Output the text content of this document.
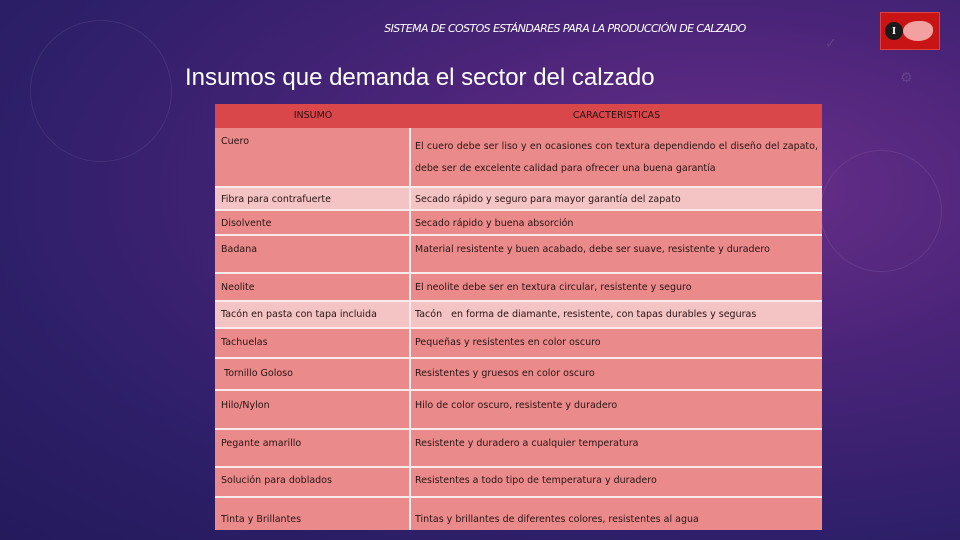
✓
⚙
SISTEMA DE COSTOS ESTÁNDARES PARA LA PRODUCCIÓN DE CALZADO	I
Insumos que demanda el sector del calzado
INSUMO	CARACTERISTICAS
Cuero	El cuero debe ser liso y en ocasiones con textura dependiendo el diseño del zapato, debe ser de excelente calidad para ofrecer una buena garantía
Fibra para contrafuerte	Secado rápido y seguro para mayor garantía del zapato
Disolvente	Secado rápido y buena absorción
Badana	Material resistente y buen acabado, debe ser suave, resistente y duradero
Neolite	El neolite debe ser en textura circular, resistente y seguro
Tacón en pasta con tapa incluida	Tacón   en forma de diamante, resistente, con tapas durables y seguras
Tachuelas	Pequeñas y resistentes en color oscuro
Tornillo Goloso	Resistentes y gruesos en color oscuro
Hilo/Nylon	Hilo de color oscuro, resistente y duradero
Pegante amarillo	Resistente y duradero a cualquier temperatura
Solución para doblados	Resistentes a todo tipo de temperatura y duradero
Tinta y Brillantes	Tintas y brillantes de diferentes colores, resistentes al agua
